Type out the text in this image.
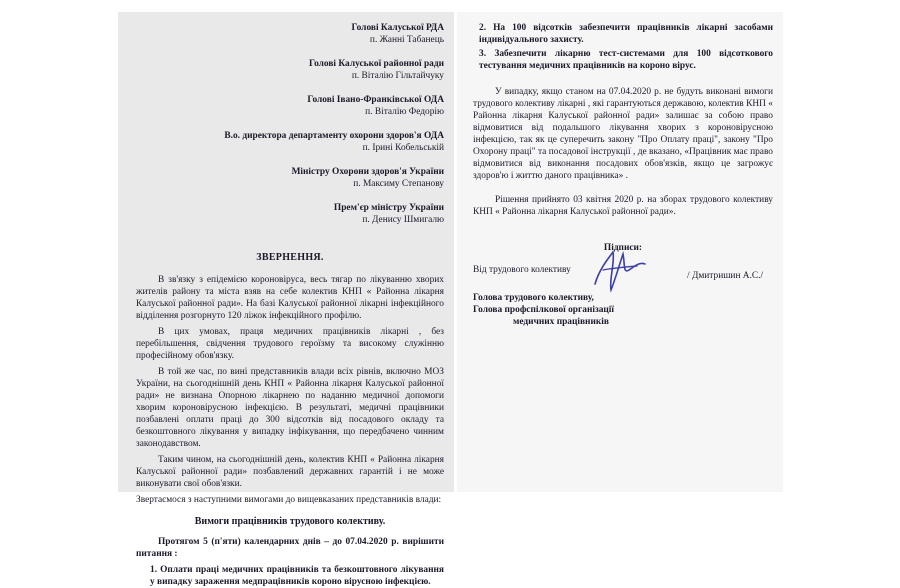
Голові Калуської РДА
п. Жанні Табанець
Голові Калуської районної ради
п. Віталію Гільтайчуку
Голові Івано-Франківської ОДА
п. Віталію Федорію
В.о. директора департаменту охорони здоров'я ОДА
п. Ірині Кобельській
Міністру Охорони здоров'я України
п. Максиму Степанову
Прем'єр міністру України
п. Денису Шмигалю
ЗВЕРНЕННЯ.

В зв'язку з епідемією короновіруса, весь тягар по лікуванню хворих жителів району та міста взяв на себе колектив КНП « Районна лікарня Калуської районної ради». На базі Калуської районної лікарні інфекційного відділення розгорнуто 120 ліжок інфекційного профілю.

В цих умовах, праця медичних працівників лікарні , без перебільшення, свідчення трудового героїзму та високому служінню професійному обов'язку.

В той же час, по вині представників влади всіх рівнів, включно МОЗ України, на сьогоднішній день КНП « Районна лікарня Калуської районної ради» не визнана Опорною лікарнею по наданню медичної допомоги хворим короновірусною інфекцією. В результаті, медичні працівники позбавлені оплати праці до 300 відсотків від посадового окладу та безкоштовного лікування у випадку інфікування, що передбачено чинним законодавством.

Таким чином, на сьогоднішній день, колектив КНП « Районна лікарня Калуської районної ради» позбавлений державних гарантій і не може виконувати свої обов'язки.

Звертаємося з наступними вимогами до вищевказаних представників влади:

Вимоги працівників трудового колективу.

Протягом 5 (п'яти) календарних днів – до 07.04.2020 р. вирішити питання :

1. Оплати праці медичних працівників та безкоштовного лікування у випадку зараження медпрацівників короно вірусною інфекцією.

2. На 100 відсотків забезпечити працівників лікарні засобами індивідуального захисту.

3. Забезпечити лікарню тест-системами для 100 відсоткового тестування медичних працівників на короно вірус.

У випадку, якщо станом на 07.04.2020 р. не будуть виконані вимоги трудового колективу лікарні , які гарантуються державою, колектив КНП « Районна лікарня Калуської районної ради» залишає за собою право відмовитися від подальшого лікування хворих з короновірусною інфекцією, так як це суперечить закону "Про Оплату праці", закону "Про Охорону праці" та посадової інструкції , де вказано, «Працівник має право відмовитися від виконання посадових обов'язків, якщо це загрожує здоров'ю і життю даного працівника» .

Рішення прийнято 03 квітня 2020 р. на зборах трудового колективу КНП « Районна лікарня Калуської районної ради».

Підписи:
Від трудового колективу
Голова трудового колективу,
Голова профспілкової організації
медичних працівників
/ Дмитришин А.С./
